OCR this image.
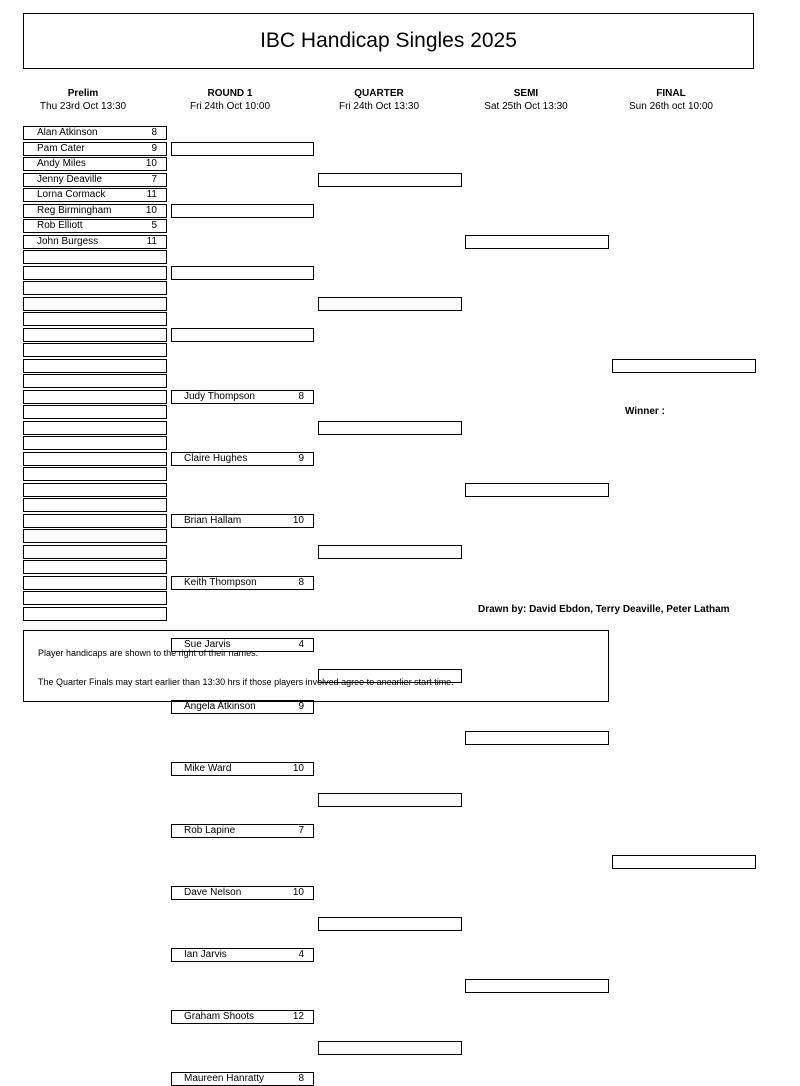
IBC Handicap Singles 2025
Prelim
Thu 23rd Oct 13:30
ROUND 1
Fri 24th Oct 10:00
QUARTER
Fri 24th Oct 13:30
SEMI
Sat 25th Oct 13:30
FINAL
Sun 26th oct 10:00
Alan Atkinson	8
Pam Cater	9
Andy Miles	10
Jenny Deaville	7
Lorna Cormack	11
Reg Birmingham	10
Rob Elliott	5
John Burgess	11
Judy Thompson	8
Claire Hughes	9
Brian Hallam	10
Keith Thompson	8
Sue Jarvis	4
Angela Atkinson	9
Mike Ward	10
Rob Lapine	7
Dave Nelson	10
Ian Jarvis	4
Graham Shoots	12
Maureen Hanratty	8
Winner :
Drawn by: David Ebdon, Terry Deaville, Peter Latham
Player handicaps are shown to the right of their names.
The Quarter Finals may start earlier than 13:30 hrs if those players involved agree to anearlier start time.
